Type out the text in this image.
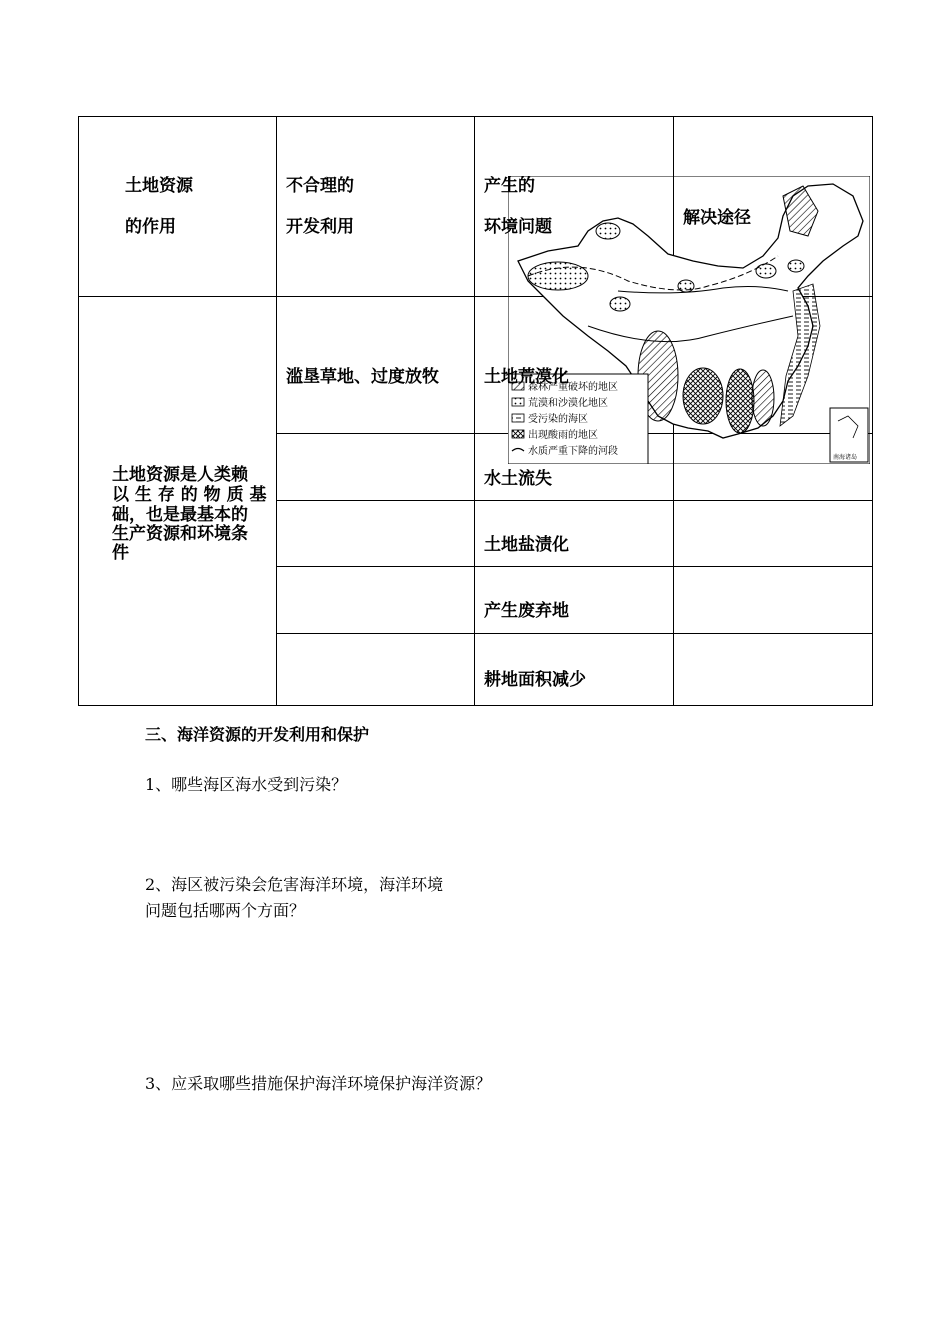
森林严重破坏的地区
荒漠和沙漠化地区
受污染的海区
出现酸雨的地区
水质严重下降的河段
南海诸岛
土地资源
的作用
不合理的
开发利用
产生的
环境问题	解决途径
土地资源是人类赖
以 生 存 的 物 质 基
础，也是最基本的
生产资源和环境条
件
滥垦草地、过度放牧	土地荒漠化
水土流失
土地盐渍化
产生废弃地
耕地面积减少
三、海洋资源的开发利用和保护
1、哪些海区海水受到污染？
2、海区被污染会危害海洋环境，海洋环境
问题包括哪两个方面？
3、应采取哪些措施保护海洋环境保护海洋资源？
